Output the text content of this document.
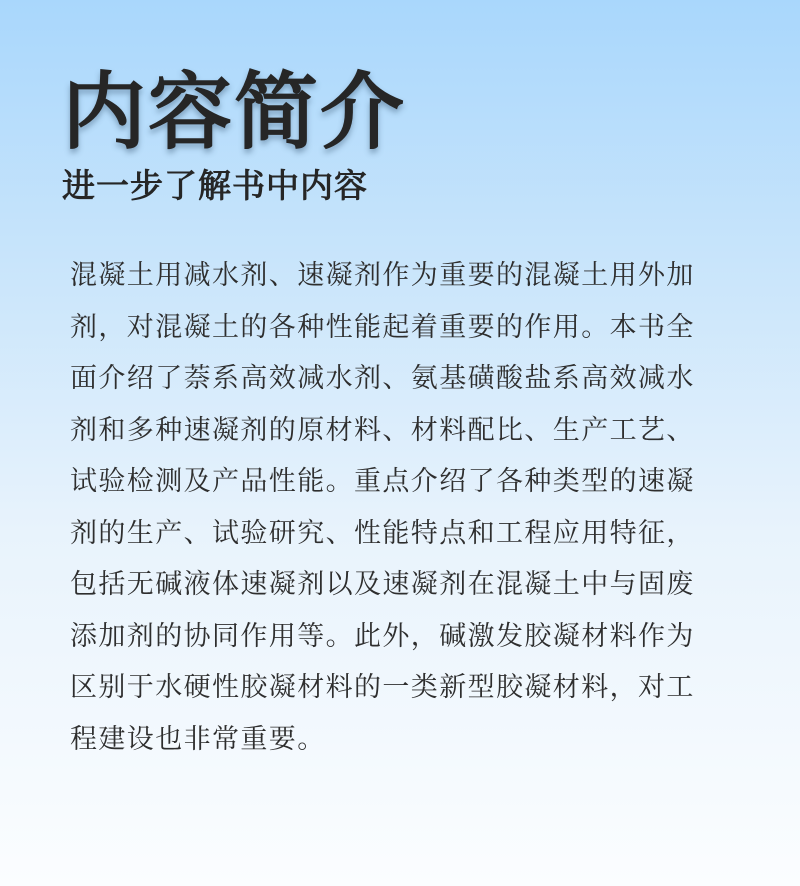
内容简介
进一步了解书中内容
混凝土用减水剂、速凝剂作为重要的混凝土用外加
剂，对混凝土的各种性能起着重要的作用。本书全
面介绍了萘系高效减水剂、氨基磺酸盐系高效减水
剂和多种速凝剂的原材料、材料配比、生产工艺、
试验检测及产品性能。重点介绍了各种类型的速凝
剂的生产、试验研究、性能特点和工程应用特征，
包括无碱液体速凝剂以及速凝剂在混凝土中与固废
添加剂的协同作用等。此外，碱激发胶凝材料作为
区别于水硬性胶凝材料的一类新型胶凝材料，对工
程建设也非常重要。
